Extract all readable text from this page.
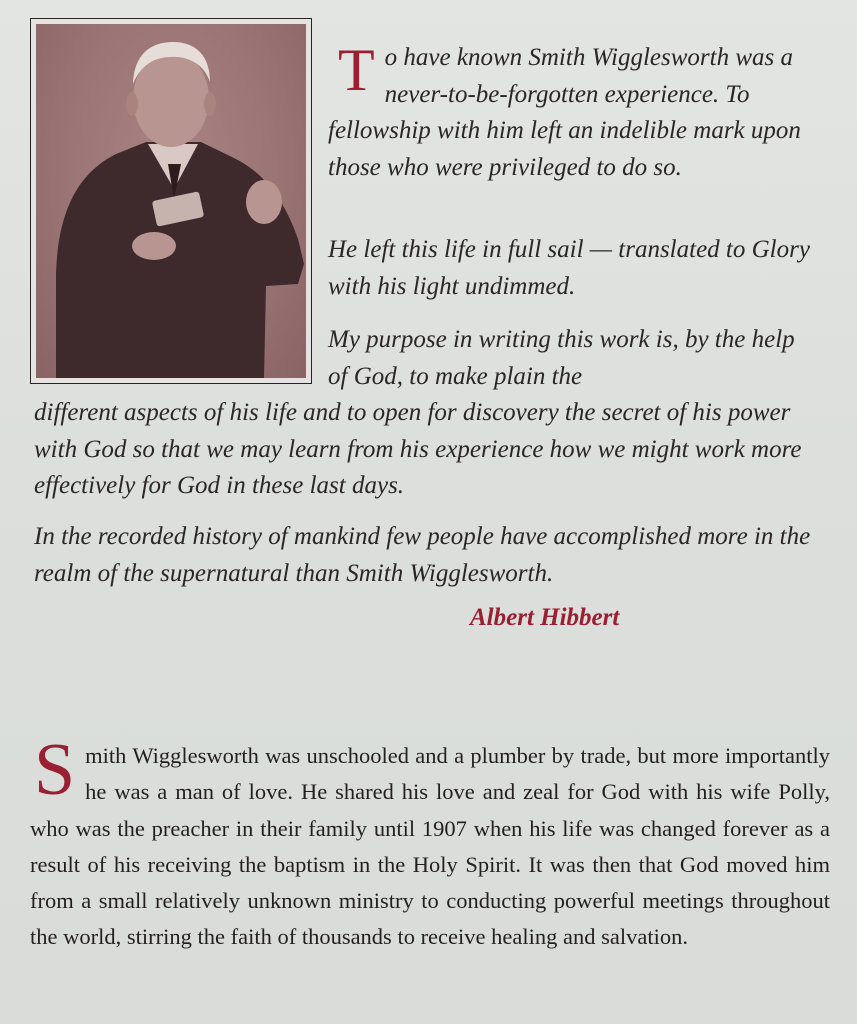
T o have known Smith Wigglesworth was a never-to-be-forgotten experience. To fellowship with him left an indelible mark upon those who were privileged to do so.
He left this life in full sail — translated to Glory with his light undimmed.
My purpose in writing this work is, by the help of God, to make plain the
different aspects of his life and to open for discovery the secret of his power with God so that we may learn from his experience how we might work more effectively for God in these last days.
In the recorded history of mankind few people have accomplished more in the realm of the supernatural than Smith Wigglesworth.
Albert Hibbert
S mith Wigglesworth was unschooled and a plumber by trade, but more importantly he was a man of love. He shared his love and zeal for God with his wife Polly, who was the preacher in their family until 1907 when his life was changed forever as a result of his receiving the baptism in the Holy Spirit. It was then that God moved him from a small relatively unknown ministry to conducting powerful meetings throughout the world, stirring the faith of thousands to receive healing and salvation.
